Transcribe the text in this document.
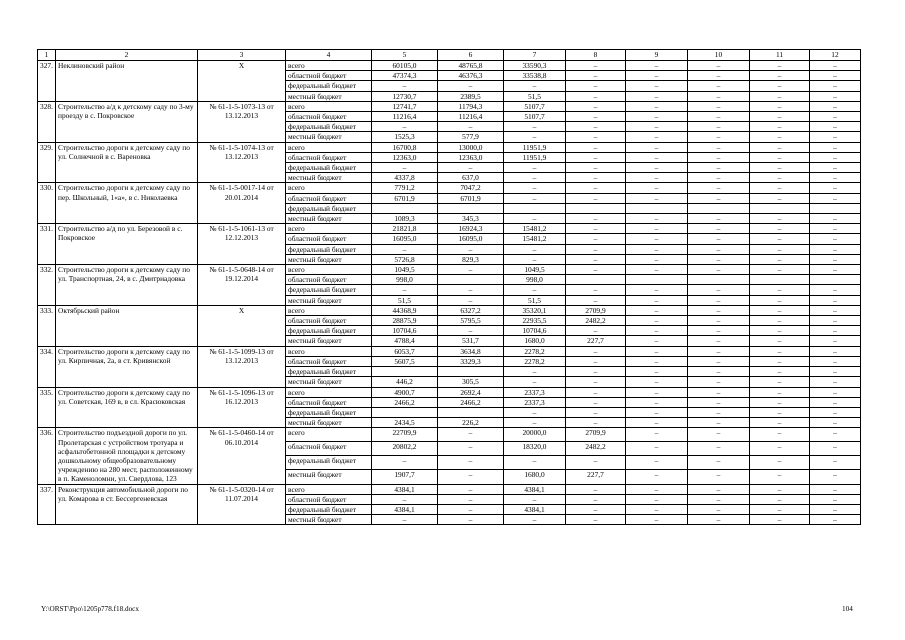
1	2	3	4	5	6	7	8	9	10	11	12
327.	Неклиновский район	Х	всего	60105,0	48765,8	33590,3	–	–	–	–	–
			областной бюджет	47374,3	46376,3	33538,8	–	–	–	–	–
			федеральный бюджет	–	–	–	–	–	–	–	–
			местный бюджет	12730,7	2389,5	51,5	–	–	–	–	–
328.	Строительство а/д к детскому саду по 3-му проезду в с. Покровское	№ 61-1-5-1073-13 от 13.12.2013	всего	12741,7	11794,3	5107,7	–	–	–	–	–
			областной бюджет	11216,4	11216,4	5107,7	–	–	–	–	–
			федеральный бюджет	–	–	–	–	–	–	–	–
			местный бюджет	1525,3	577,9	–	–	–	–	–	–
329.	Строительство дороги к детскому саду по ул. Солнечной в с. Вареновка	№ 61-1-5-1074-13 от 13.12.2013	всего	16700,8	13000,0	11951,9	–	–	–	–	–
			областной бюджет	12363,0	12363,0	11951,9	–	–	–	–	–
			федеральный бюджет	–	–	–	–	–	–	–	–
			местный бюджет	4337,8	637,0	–	–	–	–	–	–
330.	Строительство дороги к детскому саду по пер. Школьный, 1«а», в с. Николаевка	№ 61-1-5-0017-14 от 20.01.2014	всего	7791,2	7047,2	–	–	–	–	–	–
			областной бюджет	6701,9	6701,9	–	–	–	–	–	–
			федеральный бюджет								
			местный бюджет	1089,3	345,3	–	–	–	–	–	–
331.	Строительство а/д по ул. Березовой в с. Покровское	№ 61-1-5-1061-13 от 12.12.2013	всего	21821,8	16924,3	15481,2	–	–	–	–	–
			областной бюджет	16095,0	16095,0	15481,2	–	–	–	–	–
			федеральный бюджет	–	–	–	–	–	–	–	–
			местный бюджет	5726,8	829,3	–	–	–	–	–	–
332.	Строительство дороги к детскому саду по ул. Транспортная, 24, в с. Дмитриадовка	№ 61-1-5-0648-14 от 19.12.2014	всего	1049,5	–	1049,5	–	–	–	–	–
			областной бюджет	998,0		998,0					
			федеральный бюджет	–	–	–	–	–	–	–	–
			местный бюджет	51,5	–	51,5	–	–	–	–	–
333.	Октябрьский район	Х	всего	44368,9	6327,2	35320,1	2709,9	–	–	–	–
			областной бюджет	28875,9	5795,5	22935,5	2482,2	–	–	–	–
			федеральный бюджет	10704,6	–	10704,6	–	–	–	–	–
			местный бюджет	4788,4	531,7	1680,0	227,7	–	–	–	–
334.	Строительство дороги к детскому саду по ул. Кирпичная, 2а, в ст. Кривянской	№ 61-1-5-1099-13 от 13.12.2013	всего	6053,7	3634,8	2278,2	–	–	–	–	–
			областной бюджет	5607,5	3329,3	2278,2	–	–	–	–	–
			федеральный бюджет			–	–	–	–	–	–
			местный бюджет	446,2	305,5	–	–	–	–	–	–
335.	Строительство дороги к детскому саду по ул. Советская, 169 в, в сл. Красюковская	№ 61-1-5-1096-13 от 16.12.2013	всего	4900,7	2692,4	2337,3	–	–	–	–	–
			областной бюджет	2466,2	2466,2	2337,3	–	–	–	–	–
			федеральный бюджет			–	–	–	–	–	–
			местный бюджет	2434,5	226,2	–	–	–	–	–	–
336.	Строительство подъездной дороги по ул. Пролетарская с устройством тротуара и асфальтобетонной площадки к детскому дошкольному общеобразовательному учреждению на 280 мест, расположенному в п. Каменоломни, ул. Свердлова, 123	№ 61-1-5-0460-14 от 06.10.2014	всего	22709,9	–	20000,0	2709,9	–	–	–	–
			областной бюджет	20802,2	–	18320,0	2482,2	–	–	–	–
			федеральный бюджет	–	–	–	–	–	–	–	–
			местный бюджет	1907,7	–	1680,0	227,7	–	–	–	–
337.	Реконструкция автомобильной дороги по ул. Комарова в ст. Бессергеневская	№ 61-1-5-0320-14 от 11.07.2014	всего	4384,1	–	4384,1	–	–	–	–	–
			областной бюджет	–	–	–	–	–	–	–	–
			федеральный бюджет	4384,1	–	4384,1	–	–	–	–	–
			местный бюджет	–	–	–	–	–	–	–	–
Y:\ORST\Ppo\1205p778.f18.docx	104
